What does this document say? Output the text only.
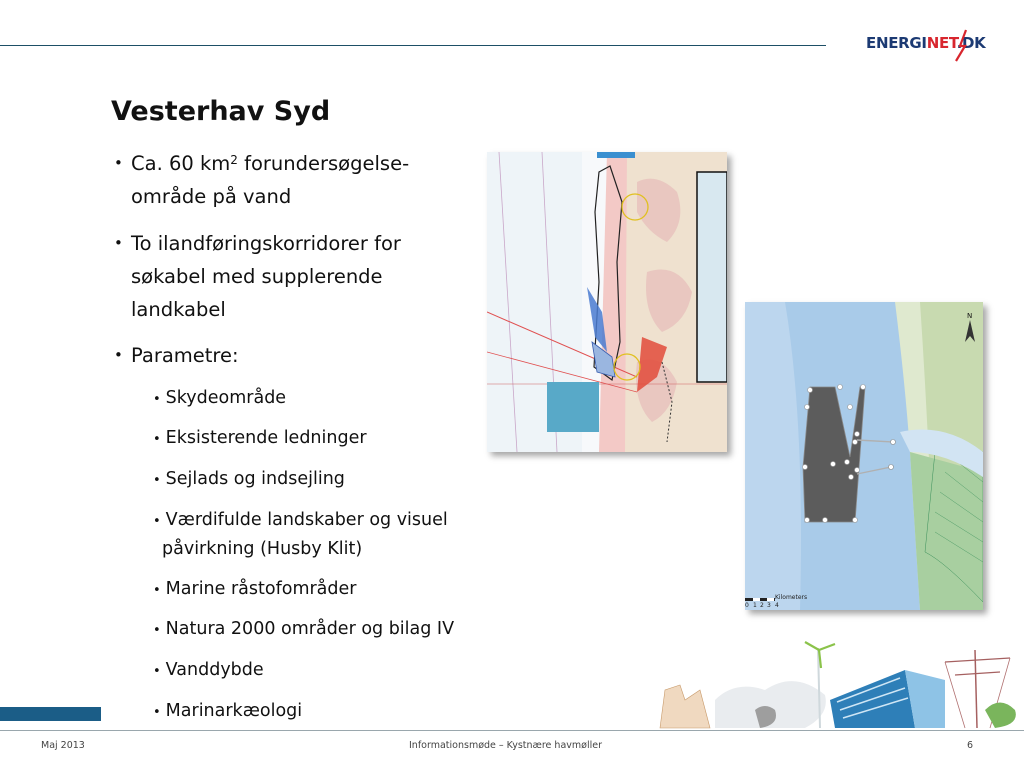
ENERGINET.DK
Vesterhav Syd
• Ca. 60 $km^2$ forundersøgelse-
område på vand
• To ilandføringskorridorer for
søkabel med supplerende
landkabel
• Parametre:
• Skydeområde
• Eksisterende ledninger
• Sejlads og indsejling
• Værdifulde landskaber og visuel
påvirkning (Husby Klit)
• Marine råstofområder
• Natura 2000 områder og bilag IV
• Vanddybde
• Marinarkæologi
N
Kilometers
0 1 2 3 4
Maj 2013	Informationsmøde – Kystnære havmøller	6
